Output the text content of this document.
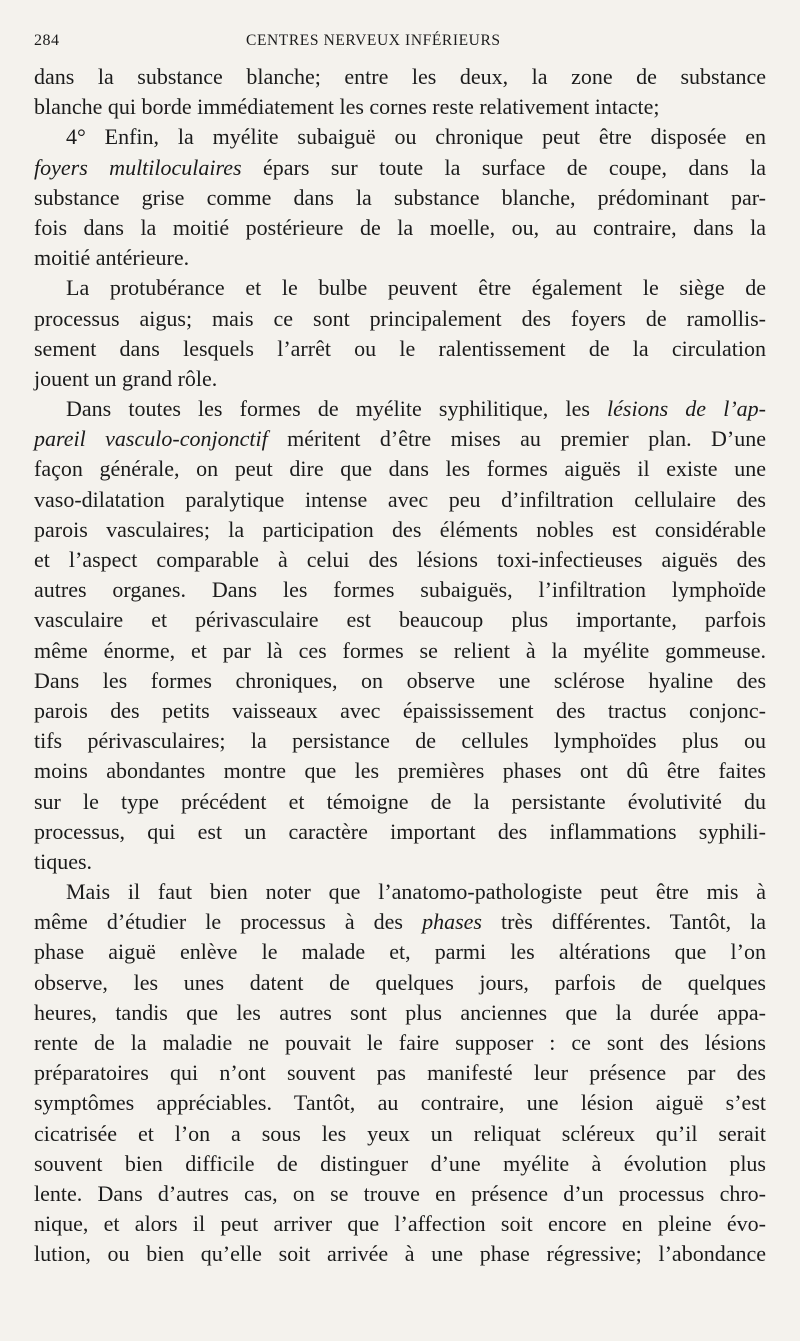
284	CENTRES NERVEUX INFÉRIEURS
dans la substance blanche; entre les deux, la zone de substance
blanche qui borde immédiatement les cornes reste relativement intacte;
4° Enfin, la myélite subaiguë ou chronique peut être disposée en
foyers multiloculaires épars sur toute la surface de coupe, dans la
substance grise comme dans la substance blanche, prédominant par-
fois dans la moitié postérieure de la moelle, ou, au contraire, dans la
moitié antérieure.
La protubérance et le bulbe peuvent être également le siège de
processus aigus; mais ce sont principalement des foyers de ramollis-
sement dans lesquels l’arrêt ou le ralentissement de la circulation
jouent un grand rôle.
Dans toutes les formes de myélite syphilitique, les lésions de l’ap-
pareil vasculo-conjonctif méritent d’être mises au premier plan. D’une
façon générale, on peut dire que dans les formes aiguës il existe une
vaso-dilatation paralytique intense avec peu d’infiltration cellulaire des
parois vasculaires; la participation des éléments nobles est considérable
et l’aspect comparable à celui des lésions toxi-infectieuses aiguës des
autres organes. Dans les formes subaiguës, l’infiltration lymphoïde
vasculaire et périvasculaire est beaucoup plus importante, parfois
même énorme, et par là ces formes se relient à la myélite gommeuse.
Dans les formes chroniques, on observe une sclérose hyaline des
parois des petits vaisseaux avec épaississement des tractus conjonc-
tifs périvasculaires; la persistance de cellules lymphoïdes plus ou
moins abondantes montre que les premières phases ont dû être faites
sur le type précédent et témoigne de la persistante évolutivité du
processus, qui est un caractère important des inflammations syphili-
tiques.
Mais il faut bien noter que l’anatomo-pathologiste peut être mis à
même d’étudier le processus à des phases très différentes. Tantôt, la
phase aiguë enlève le malade et, parmi les altérations que l’on
observe, les unes datent de quelques jours, parfois de quelques
heures, tandis que les autres sont plus anciennes que la durée appa-
rente de la maladie ne pouvait le faire supposer : ce sont des lésions
préparatoires qui n’ont souvent pas manifesté leur présence par des
symptômes appréciables. Tantôt, au contraire, une lésion aiguë s’est
cicatrisée et l’on a sous les yeux un reliquat scléreux qu’il serait
souvent bien difficile de distinguer d’une myélite à évolution plus
lente. Dans d’autres cas, on se trouve en présence d’un processus chro-
nique, et alors il peut arriver que l’affection soit encore en pleine évo-
lution, ou bien qu’elle soit arrivée à une phase régressive; l’abondance
